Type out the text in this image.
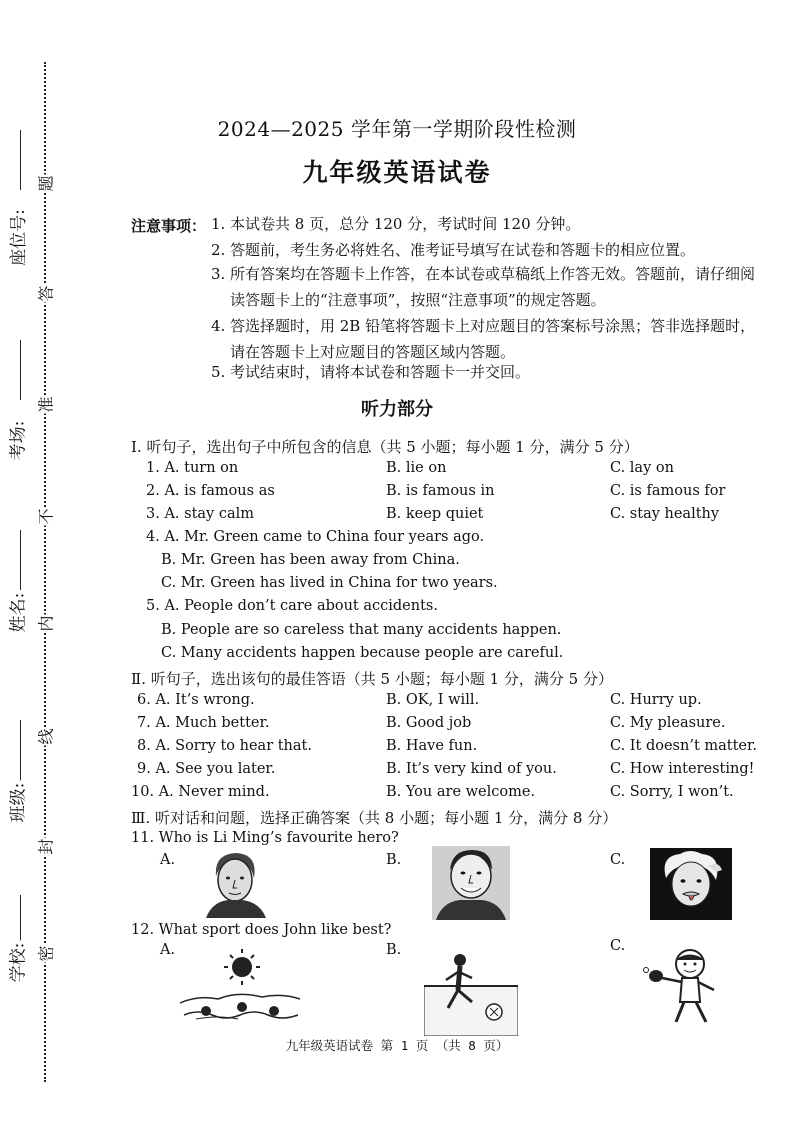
学校:
班级:
姓名:
考场:
座位号:
密
封
线
内
不
准
答
题
2024—2025 学年第一学期阶段性检测
九年级英语试卷
注意事项： 1. 本试卷共 8 页，总分 120 分，考试时间 120 分钟。
2. 答题前，考生务必将姓名、准考证号填写在试卷和答题卡的相应位置。
3. 所有答案均在答题卡上作答，在本试卷或草稿纸上作答无效。答题前，请仔细阅读答题卡上的“注意事项”，按照“注意事项”的规定答题。
4. 答选择题时，用 2B 铅笔将答题卡上对应题目的答案标号涂黑；答非选择题时，请在答题卡上对应题目的答题区域内答题。
5. 考试结束时，请将本试卷和答题卡一并交回。
听力部分
Ⅰ. 听句子，选出句子中所包含的信息（共 5 小题；每小题 1 分，满分 5 分）
1. A. turn on	B. lie on	C. lay on
2. A. is famous as	B. is famous in	C. is famous for
3. A. stay calm	B. keep quiet	C. stay healthy
4. A. Mr. Green came to China four years ago.
B. Mr. Green has been away from China.
C. Mr. Green has lived in China for two years.
5. A. People don’t care about accidents.
B. People are so careless that many accidents happen.
C. Many accidents happen because people are careful.
Ⅱ. 听句子，选出该句的最佳答语（共 5 小题；每小题 1 分，满分 5 分）
6. A. It’s wrong.	B. OK, I will.	C. Hurry up.
7. A. Much better.	B. Good job	C. My pleasure.
8. A. Sorry to hear that.	B. Have fun.	C. It doesn’t matter.
9. A. See you later.	B. It’s very kind of you.	C. How interesting!
10. A. Never mind.	B. You are welcome.	C. Sorry, I won’t.
Ⅲ. 听对话和问题，选择正确答案（共 8 小题；每小题 1 分，满分 8 分）
11. Who is Li Ming’s favourite hero?
A.	B.	C.
12. What sport does John like best?
A.	B.	C.
九年级英语试卷 第 1 页 （共 8 页）
